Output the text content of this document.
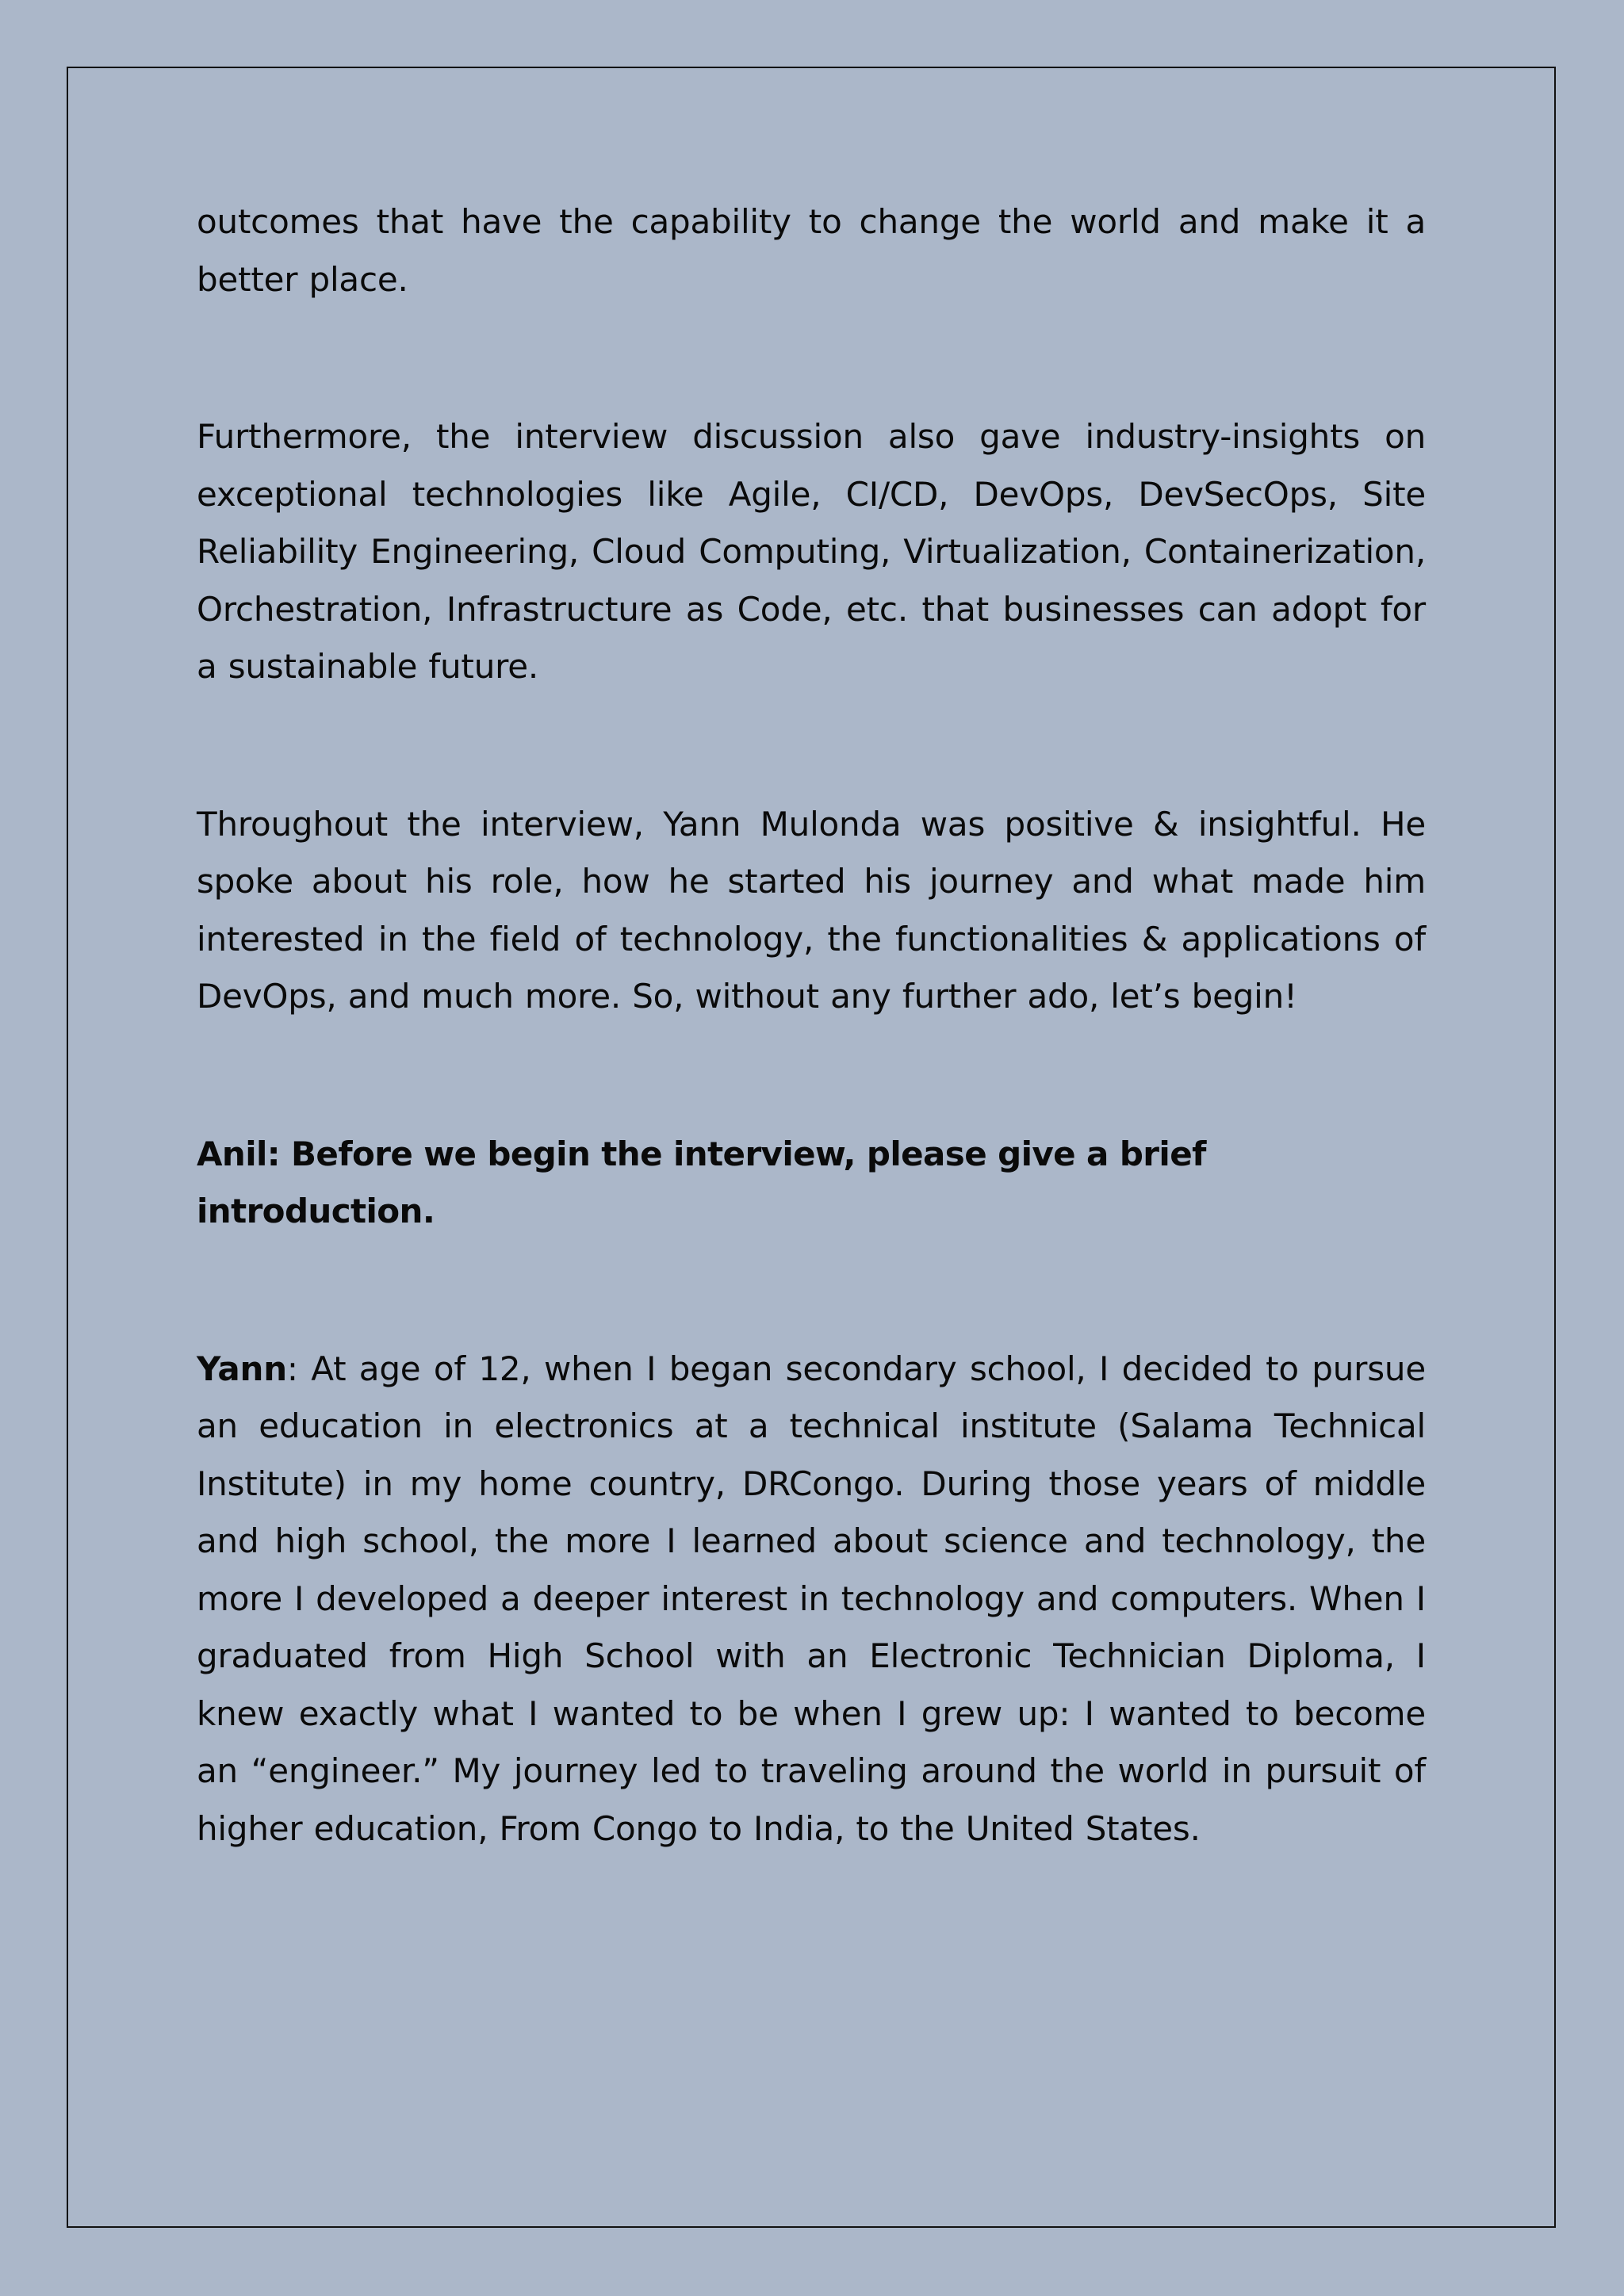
outcomes that have the capability to change the world and make it a better place.

Furthermore, the interview discussion also gave industry-insights on exceptional technologies like Agile, CI/CD, DevOps, DevSecOps, Site Reliability Engineering, Cloud Computing, Virtualization, Containerization, Orchestration, Infrastructure as Code, etc. that businesses can adopt for a sustainable future.

Throughout the interview, Yann Mulonda was positive & insightful. He spoke about his role, how he started his journey and what made him interested in the field of technology, the functionalities & applications of DevOps, and much more. So, without any further ado, let’s begin!

Anil: Before we begin the interview, please give a brief introduction.

Yann: At age of 12, when I began secondary school, I decided to pursue an education in electronics at a technical institute (Salama Technical Institute) in my home country, DRCongo. During those years of middle and high school, the more I learned about science and technology, the more I developed a deeper interest in technology and computers. When I graduated from High School with an Electronic Technician Diploma, I knew exactly what I wanted to be when I grew up: I wanted to become an “engineer.” My journey led to traveling around the world in pursuit of higher education, From Congo to India, to the United States.
